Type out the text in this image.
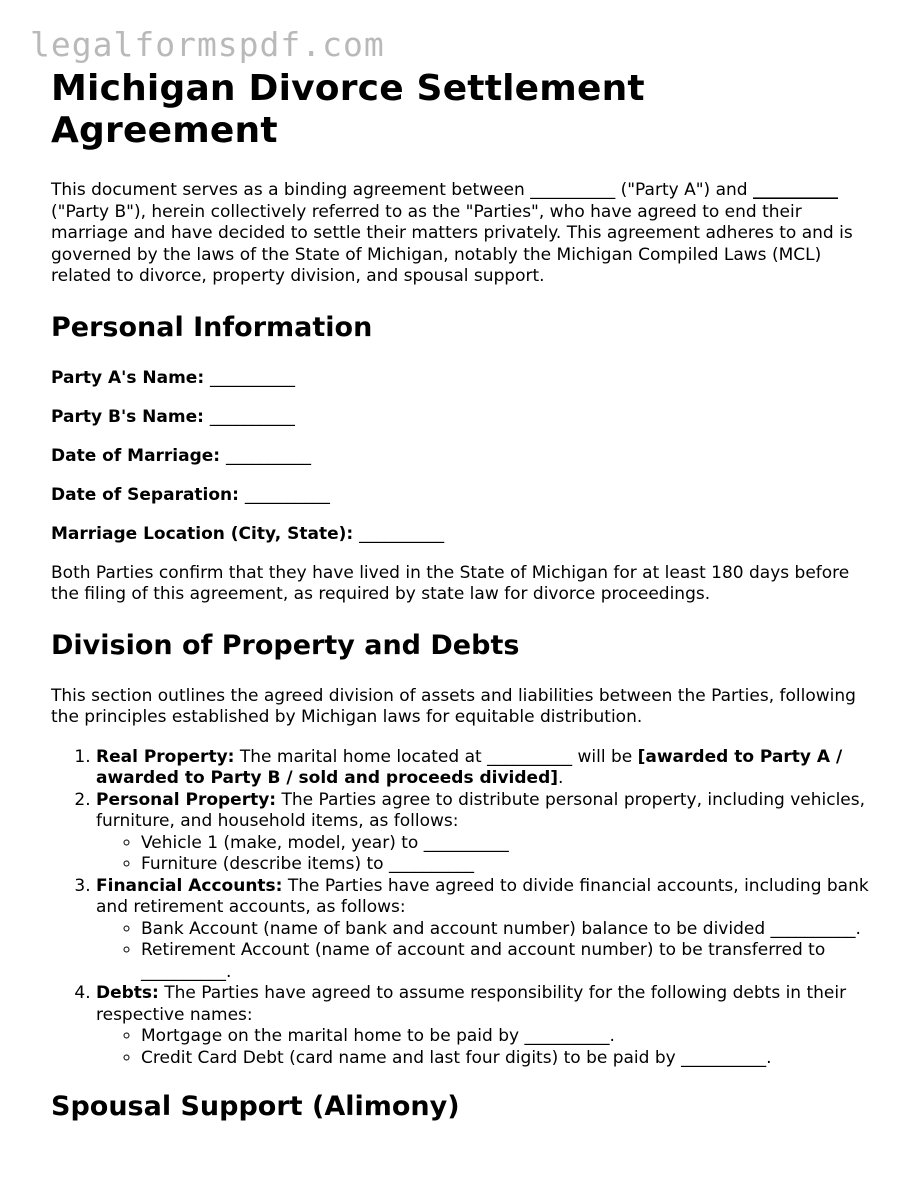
legalformspdf.com
Michigan Divorce Settlement Agreement

This document serves as a binding agreement between __________ ("Party A") and __________ ("Party B"), herein collectively referred to as the "Parties", who have agreed to end their marriage and have decided to settle their matters privately. This agreement adheres to and is governed by the laws of the State of Michigan, notably the Michigan Compiled Laws (MCL) related to divorce, property division, and spousal support.

Personal Information
Party A's Name: __________
Party B's Name: __________
Date of Marriage: __________
Date of Separation: __________
Marriage Location (City, State): __________

Both Parties confirm that they have lived in the State of Michigan for at least 180 days before the filing of this agreement, as required by state law for divorce proceedings.

Division of Property and Debts

This section outlines the agreed division of assets and liabilities between the Parties, following the principles established by Michigan laws for equitable distribution.

1. Real Property: The marital home located at __________ will be [awarded to Party A / awarded to Party B / sold and proceeds divided].
2. Personal Property: The Parties agree to distribute personal property, including vehicles, furniture, and household items, as follows:
◦ Vehicle 1 (make, model, year) to __________
◦ Furniture (describe items) to __________
3. Financial Accounts: The Parties have agreed to divide financial accounts, including bank and retirement accounts, as follows:
◦ Bank Account (name of bank and account number) balance to be divided __________.
◦ Retirement Account (name of account and account number) to be transferred to __________.
4. Debts: The Parties have agreed to assume responsibility for the following debts in their respective names:
◦ Mortgage on the marital home to be paid by __________.
◦ Credit Card Debt (card name and last four digits) to be paid by __________.
Spousal Support (Alimony)
